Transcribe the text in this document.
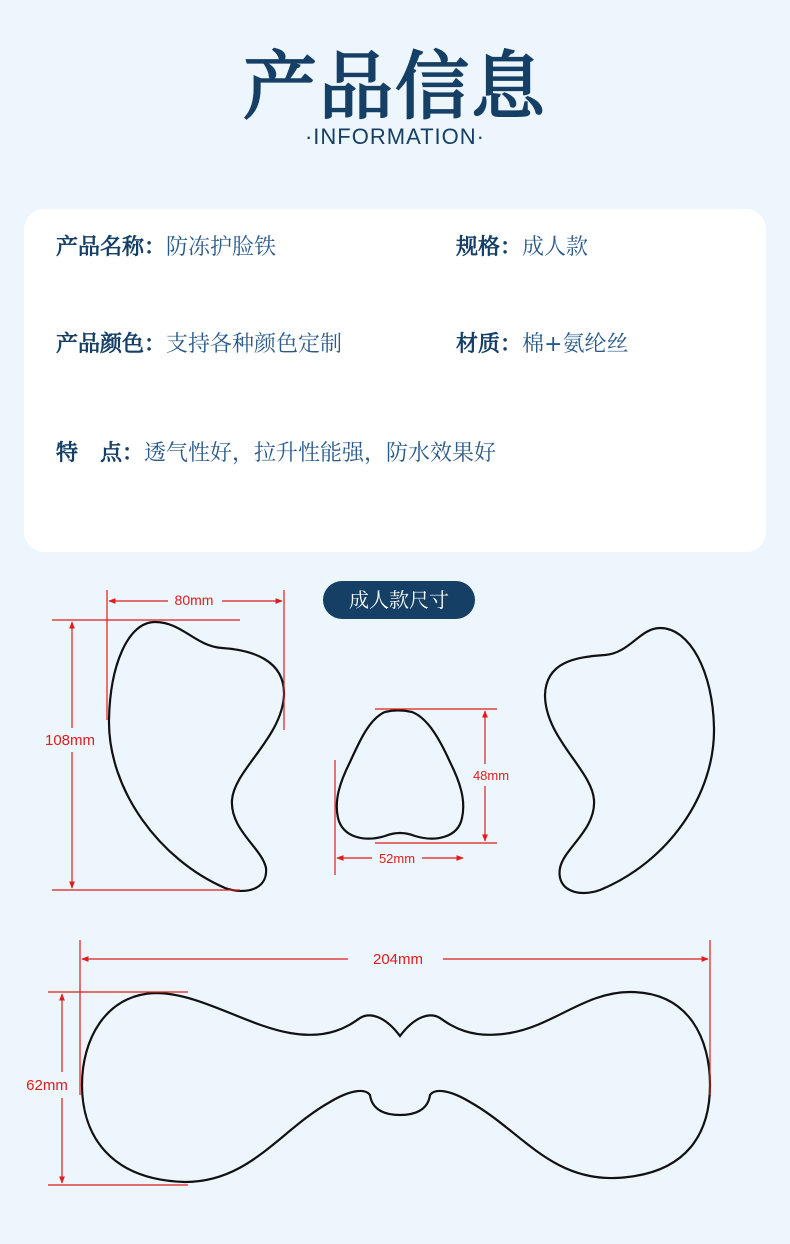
产品信息
·INFORMATION·
产品名称：防冻护脸铁	规格：成人款
产品颜色：支持各种颜色定制	材质：棉+氨纶丝
特　点：透气性好，拉升性能强，防水效果好
成人款尺寸
80mm
108mm
48mm
52mm
204mm
62mm
